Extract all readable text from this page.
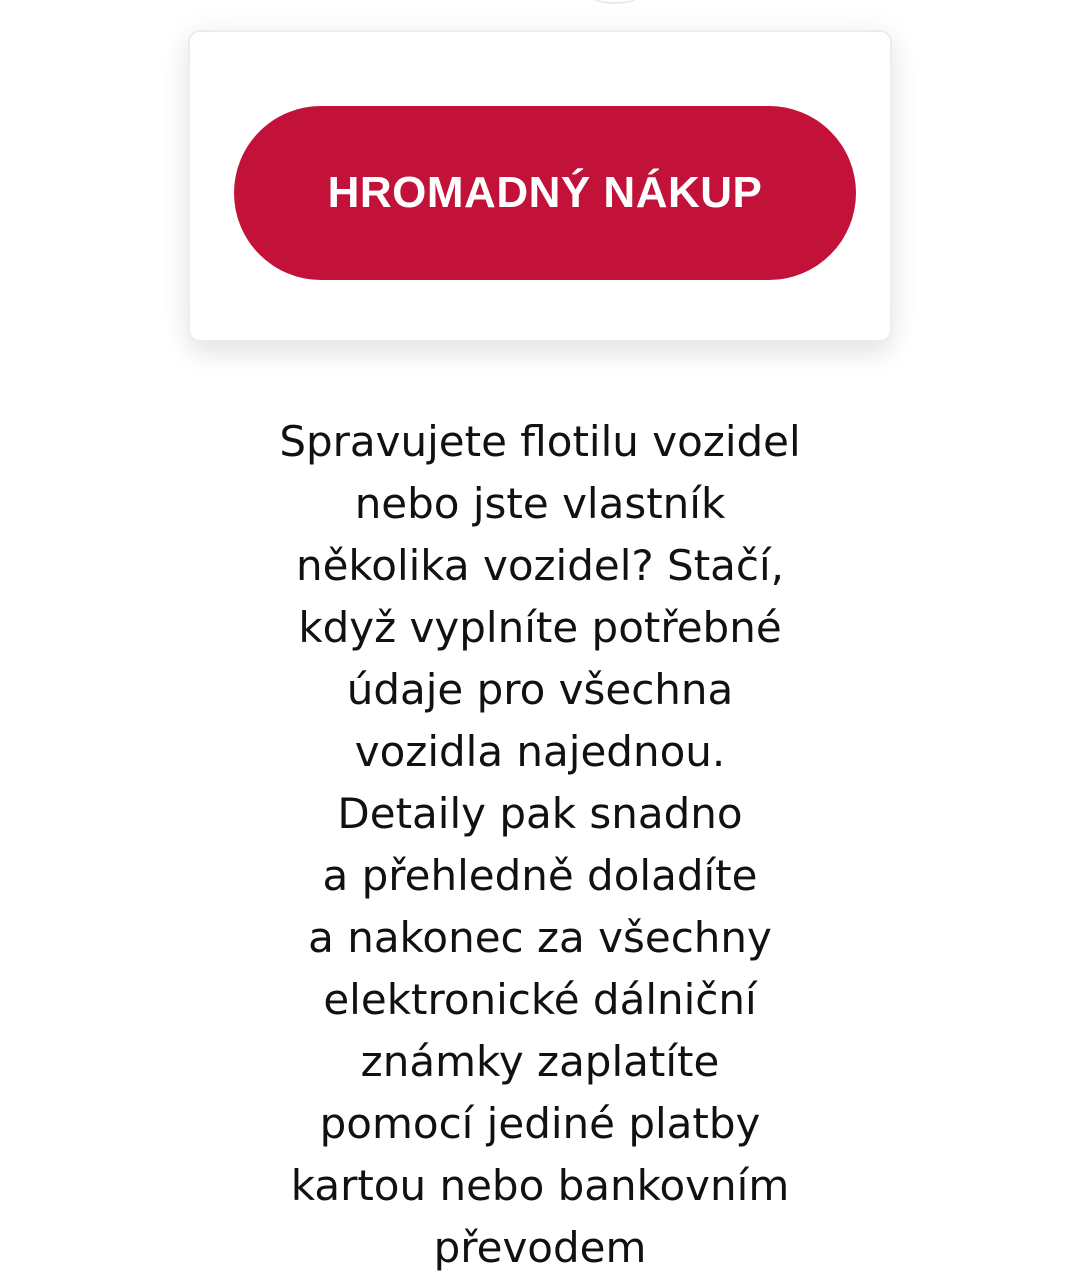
HROMADNÝ NÁKUP

Spravujete flotilu vozidel
nebo jste vlastník
několika vozidel? Stačí,
když vyplníte potřebné
údaje pro všechna
vozidla najednou.
Detaily pak snadno
a přehledně doladíte
a nakonec za všechny
elektronické dálniční
známky zaplatíte
pomocí jediné platby
kartou nebo bankovním
převodem
